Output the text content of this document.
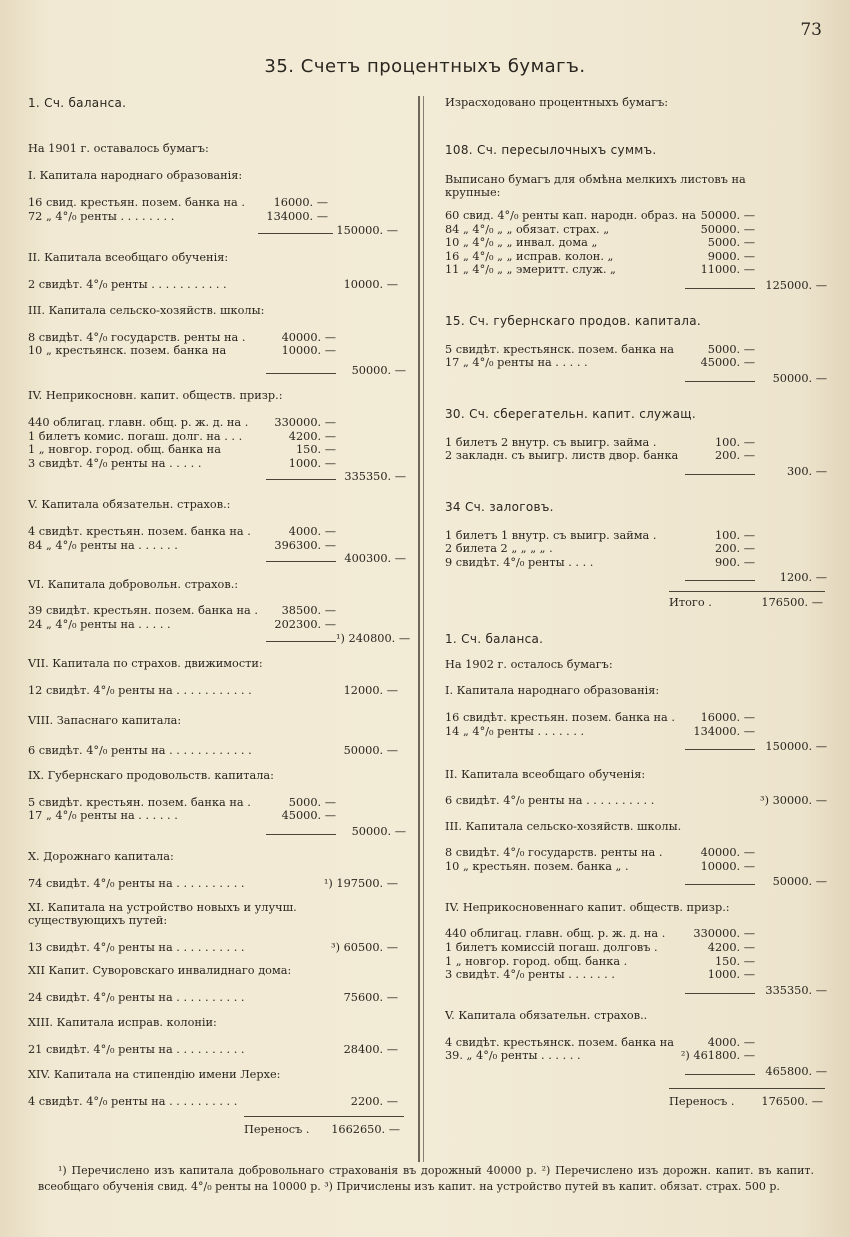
73
35. Счетъ процентныхъ бумагъ.
1. Сч. баланса.
На 1901 г. оставалось бумагъ:
I. Капитала народнаго образованія:
16 свид. крестьян. позем. банка на .	16000. —
72 „ 4°/₀ ренты . . . . . . . .	134000. —
150000. —
II. Капитала всеобщаго обученія:
2 свидѣт. 4°/₀ ренты . . . . . . . . . . .	10000. —
III. Капитала сельско-хозяйств. школы:
8 свидѣт. 4°/₀ государств. ренты на .	40000. —
10 „ крестьянск. позем. банка на	10000. —
50000. —
IV. Неприкосновн. капит. обществ. призр.:
440 облигац. главн. общ. р. ж. д. на .	330000. —
1 билетъ комис. погаш. долг. на . . .	4200. —
1 „ новгор. город. общ. банка на	150. —
3 свидѣт. 4°/₀ ренты на . . . . .	1000. —
335350. —
V. Капитала обязательн. страхов.:
4 свидѣт. крестьян. позем. банка на .	4000. —
84 „ 4°/₀ ренты на . . . . . .	396300. —
400300. —
VI. Капитала добровольн. страхов.:
39 свидѣт. крестьян. позем. банка на .	38500. —
24 „ 4°/₀ ренты на . . . . .	202300. —
¹) 240800. —
VII. Капитала по страхов. движимости:
12 свидѣт. 4°/₀ ренты на . . . . . . . . . . .	12000. —
VIII. Запаснаго капитала:
6 свидѣт. 4°/₀ ренты на . . . . . . . . . . . .	50000. —
IX. Губернскаго продовольств. капитала:
5 свидѣт. крестьян. позем. банка на .	5000. —
17 „ 4°/₀ ренты на . . . . . .	45000. —
50000. —
X. Дорожнаго капитала:
74 свидѣт. 4°/₀ ренты на . . . . . . . . . .	¹) 197500. —
XI. Капитала на устройство новыхъ и улучш. существующихъ путей:
13 свидѣт. 4°/₀ ренты на . . . . . . . . . .	³) 60500. —
XII Капит. Суворовскаго инвалиднаго дома:
24 свидѣт. 4°/₀ ренты на . . . . . . . . . .	75600. —
XIII. Капитала исправ. колоніи:
21 свидѣт. 4°/₀ ренты на . . . . . . . . . .	28400. —
XIV. Капитала на стипендію имени Лерхе:
4 свидѣт. 4°/₀ ренты на . . . . . . . . . .	2200. —
Переносъ .	1662650. —
Израсходовано процентныхъ бумагъ:
108. Сч. пересылочныхъ суммъ.
Выписано бумагъ для обмѣна мелкихъ листовъ на крупные:
60 свид. 4°/₀ ренты кап. народн. образ. на 50000. —
84 „ 4°/₀ „ „ обязат. страх. „	50000. —
10 „ 4°/₀ „ „ инвал. дома „	5000. —
16 „ 4°/₀ „ „ исправ. колон. „	9000. —
11 „ 4°/₀ „ „ эмеритт. служ. „	11000. —
125000. —
15. Сч. губернскаго продов. капитала.
5 свидѣт. крестьянск. позем. банка на	5000. —
17 „ 4°/₀ ренты на . . . . .	45000. —
50000. —
30. Сч. сберегательн. капит. служащ.
1 билетъ 2 внутр. съ выигр. займа .	100. —
2 закладн. съ выигр. листв двор. банка	200. —
300. —
34 Сч. залоговъ.
1 билетъ 1 внутр. съ выигр. займа .	100. —
2 билета 2 „ „ „ „ .	200. —
9 свидѣт. 4°/₀ ренты . . . .	900. —
1200. —
Итого .	176500. —
1. Сч. баланса.
На 1902 г. осталось бумагъ:
I. Капитала народнаго образованія:
16 свидѣт. крестьян. позем. банка на .	16000. —
14 „ 4°/₀ ренты . . . . . . .	134000. —
150000. —
II. Капитала всеобщаго обученія:
6 свидѣт. 4°/₀ ренты на . . . . . . . . . .	³) 30000. —
III. Капитала сельско-хозяйств. школы.
8 свидѣт. 4°/₀ государств. ренты на .	40000. —
10 „ крестьян. позем. банка „ .	10000. —
50000. —
IV. Неприкосновеннаго капит. обществ. призр.:
440 облигац. главн. общ. р. ж. д. на .	330000. —
1 билетъ комиссій погаш. долговъ .	4200. —
1 „ новгор. город. общ. банка .	150. —
3 свидѣт. 4°/₀ ренты . . . . . . .	1000. —
335350. —
V. Капитала обязательн. страхов..
4 свидѣт. крестьянск. позем. банка на	4000. —
39. „ 4°/₀ ренты . . . . . .	²) 461800. —
465800. —
Переносъ .	176500. —
¹) Перечислено изъ капитала добровольнаго страхованія въ дорожный 40000 р. ²) Перечислено изъ дорожн. капит. въ капит. всеобщаго обученія свид. 4°/₀ ренты на 10000 р. ³) Причислены изъ капит. на устройство путей въ капит. обязат. страх. 500 р.
